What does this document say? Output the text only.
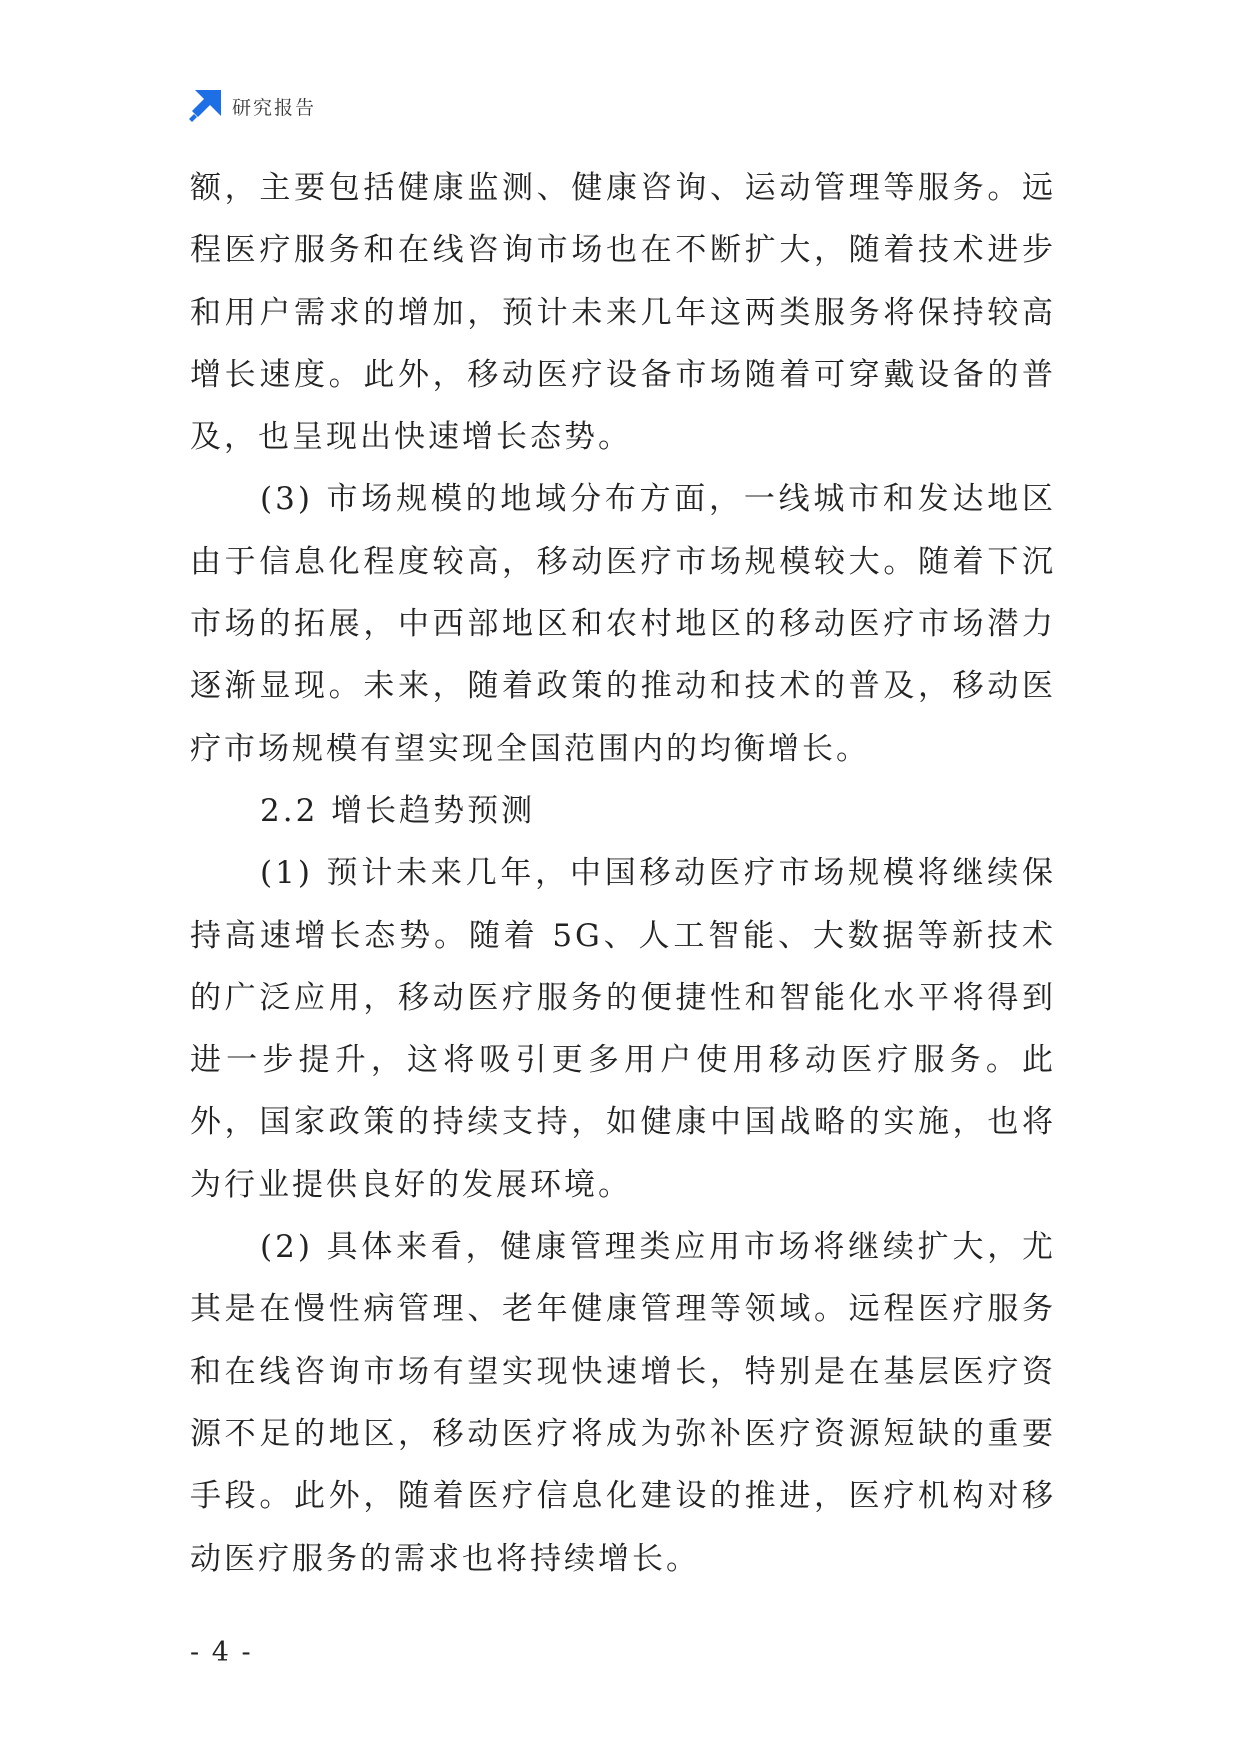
研究报告

额，主要包括健康监测、健康咨询、运动管理等服务。远程医疗服务和在线咨询市场也在不断扩大，随着技术进步和用户需求的增加，预计未来几年这两类服务将保持较高增长速度。此外，移动医疗设备市场随着可穿戴设备的普及，也呈现出快速增长态势。

(3) 市场规模的地域分布方面，一线城市和发达地区由于信息化程度较高，移动医疗市场规模较大。随着下沉市场的拓展，中西部地区和农村地区的移动医疗市场潜力逐渐显现。未来，随着政策的推动和技术的普及，移动医疗市场规模有望实现全国范围内的均衡增长。

2.2 增长趋势预测

(1) 预计未来几年，中国移动医疗市场规模将继续保持高速增长态势。随着 5G、人工智能、大数据等新技术的广泛应用，移动医疗服务的便捷性和智能化水平将得到进一步提升，这将吸引更多用户使用移动医疗服务。此外，国家政策的持续支持，如健康中国战略的实施，也将为行业提供良好的发展环境。

(2) 具体来看，健康管理类应用市场将继续扩大，尤其是在慢性病管理、老年健康管理等领域。远程医疗服务和在线咨询市场有望实现快速增长，特别是在基层医疗资源不足的地区，移动医疗将成为弥补医疗资源短缺的重要手段。此外，随着医疗信息化建设的推进，医疗机构对移动医疗服务的需求也将持续增长。

- 4 -
